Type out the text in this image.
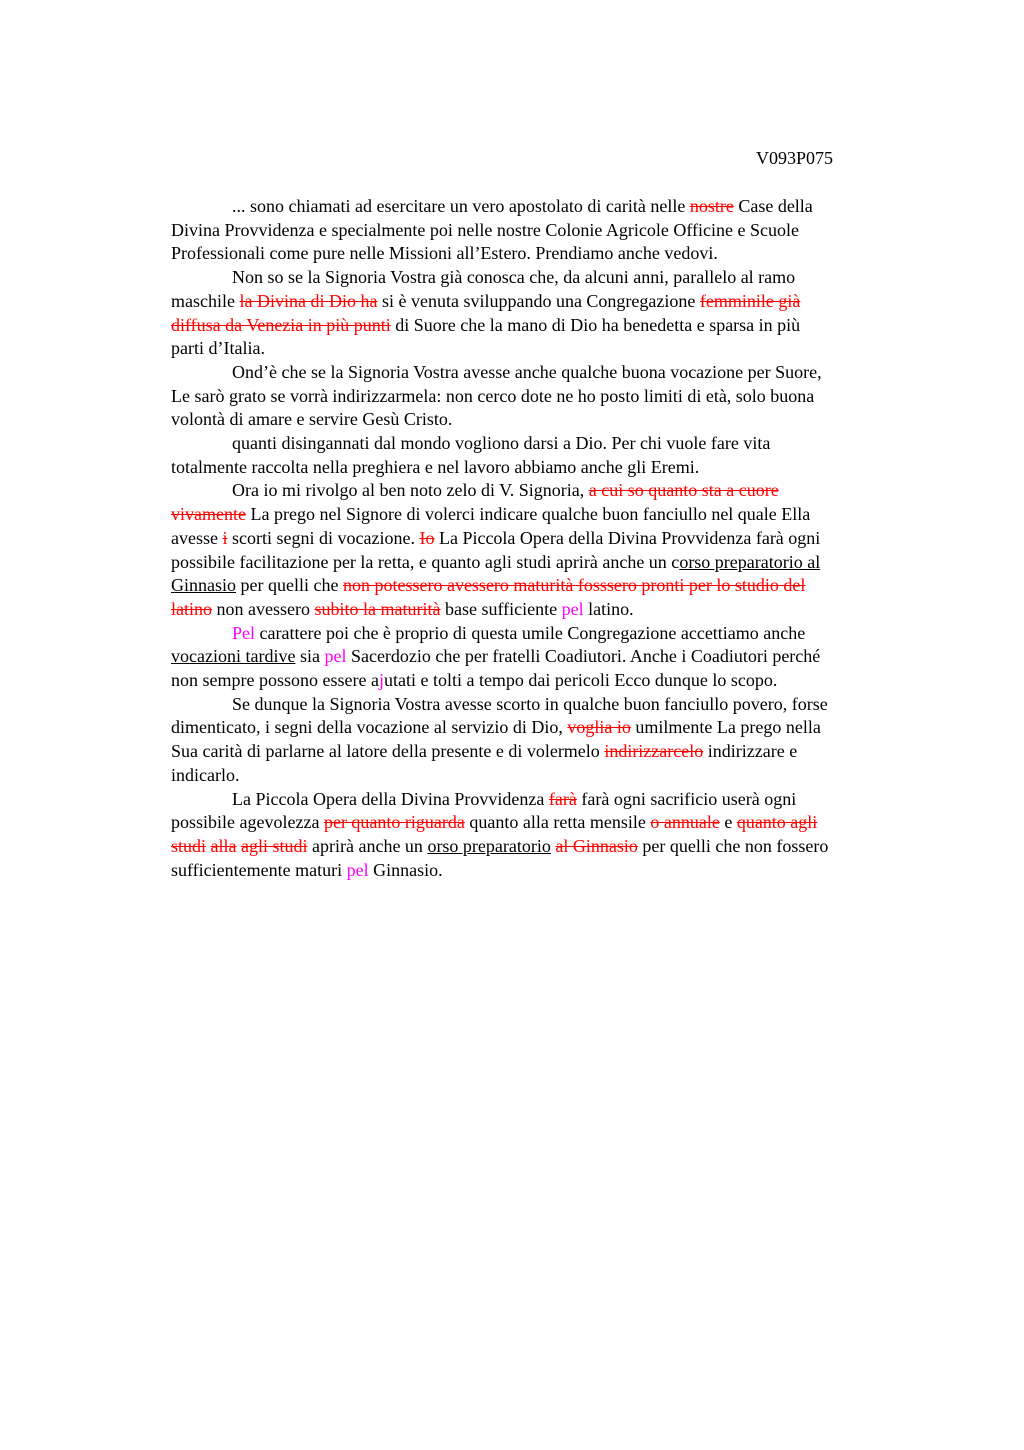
V093P075

... sono chiamati ad esercitare un vero apostolato di carità nelle nostre Case della
Divina Provvidenza e specialmente poi nelle nostre Colonie Agricole Officine e Scuole
Professionali come pure nelle Missioni all’Estero. Prendiamo anche vedovi.

Non so se la Signoria Vostra già conosca che, da alcuni anni, parallelo al ramo
maschile la Divina di Dio ha si è venuta sviluppando una Congregazione femminile già
diffusa da Venezia in più punti di Suore che la mano di Dio ha benedetta e sparsa in più
parti d’Italia.

Ond’è che se la Signoria Vostra avesse anche qualche buona vocazione per Suore,
Le sarò grato se vorrà indirizzarmela: non cerco dote ne ho posto limiti di età, solo buona
volontà di amare e servire Gesù Cristo.

quanti disingannati dal mondo vogliono darsi a Dio. Per chi vuole fare vita
totalmente raccolta nella preghiera e nel lavoro abbiamo anche gli Eremi.

Ora io mi rivolgo al ben noto zelo di V. Signoria, a cui so quanto sta a cuore
vivamente La prego nel Signore di volerci indicare qualche buon fanciullo nel quale Ella
avesse i scorti segni di vocazione. Io La Piccola Opera della Divina Provvidenza farà ogni
possibile facilitazione per la retta, e quanto agli studi aprirà anche un corso preparatorio al
Ginnasio per quelli che non potessero avessero maturità fosssero pronti per lo studio del
latino non avessero subito la maturità base sufficiente pel latino.

Pel carattere poi che è proprio di questa umile Congregazione accettiamo anche
vocazioni tardive sia pel Sacerdozio che per fratelli Coadiutori. Anche i Coadiutori perché
non sempre possono essere ajutati e tolti a tempo dai pericoli Ecco dunque lo scopo.

Se dunque la Signoria Vostra avesse scorto in qualche buon fanciullo povero, forse
dimenticato, i segni della vocazione al servizio di Dio, voglia io umilmente La prego nella
Sua carità di parlarne al latore della presente e di volermelo indirizzarcelo indirizzare e
indicarlo.

La Piccola Opera della Divina Provvidenza farà farà ogni sacrificio userà ogni
possibile agevolezza per quanto riguarda quanto alla retta mensile o annuale e quanto agli
studi alla agli studi aprirà anche un orso preparatorio al Ginnasio per quelli che non fossero
sufficientemente maturi pel Ginnasio.
